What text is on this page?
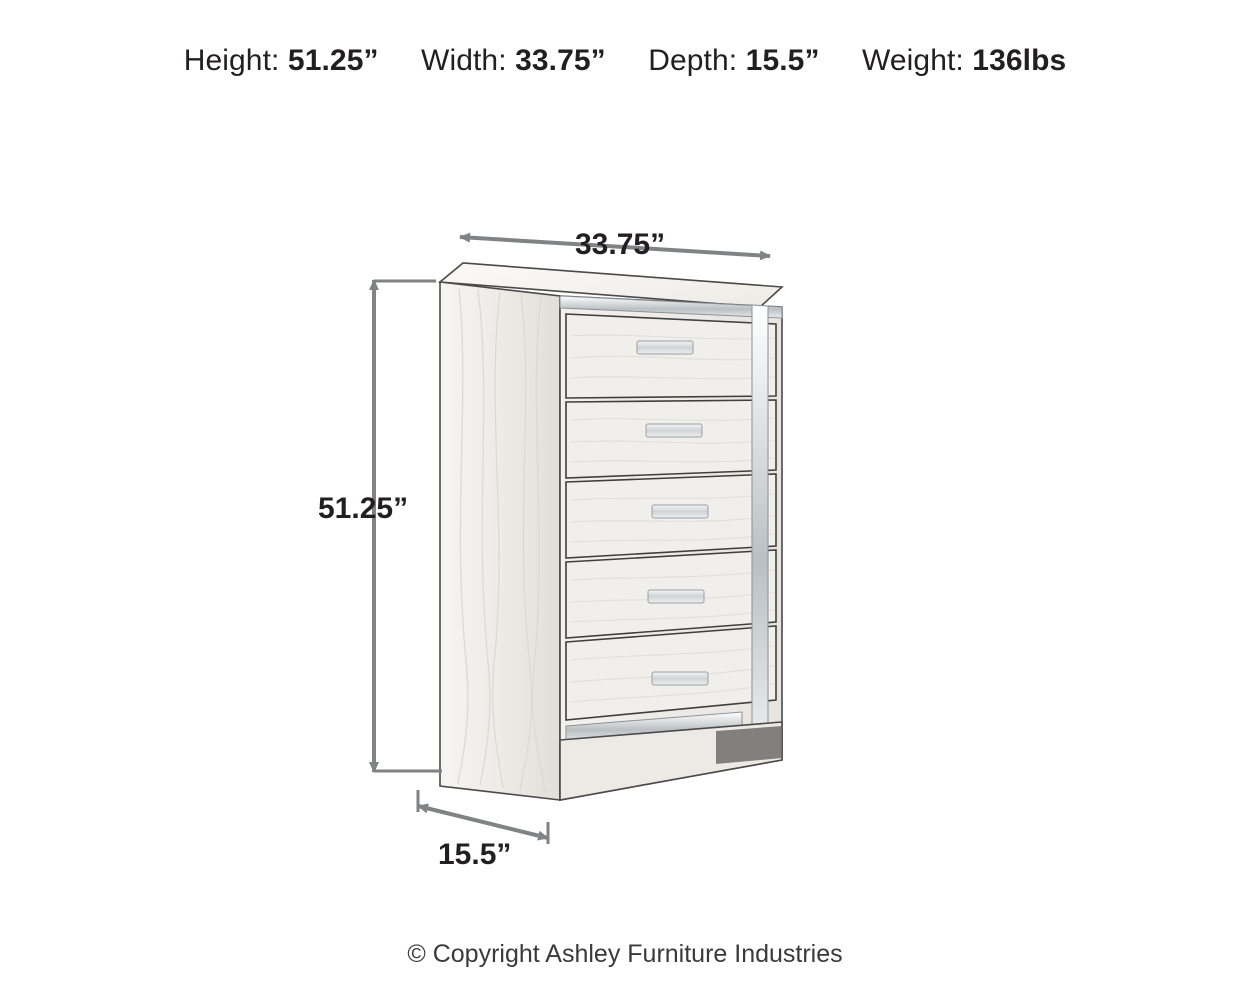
Height: 51.25” Width: 33.75” Depth: 15.5” Weight: 136lbs
33.75”
51.25”
15.5”
© Copyright Ashley Furniture Industries
